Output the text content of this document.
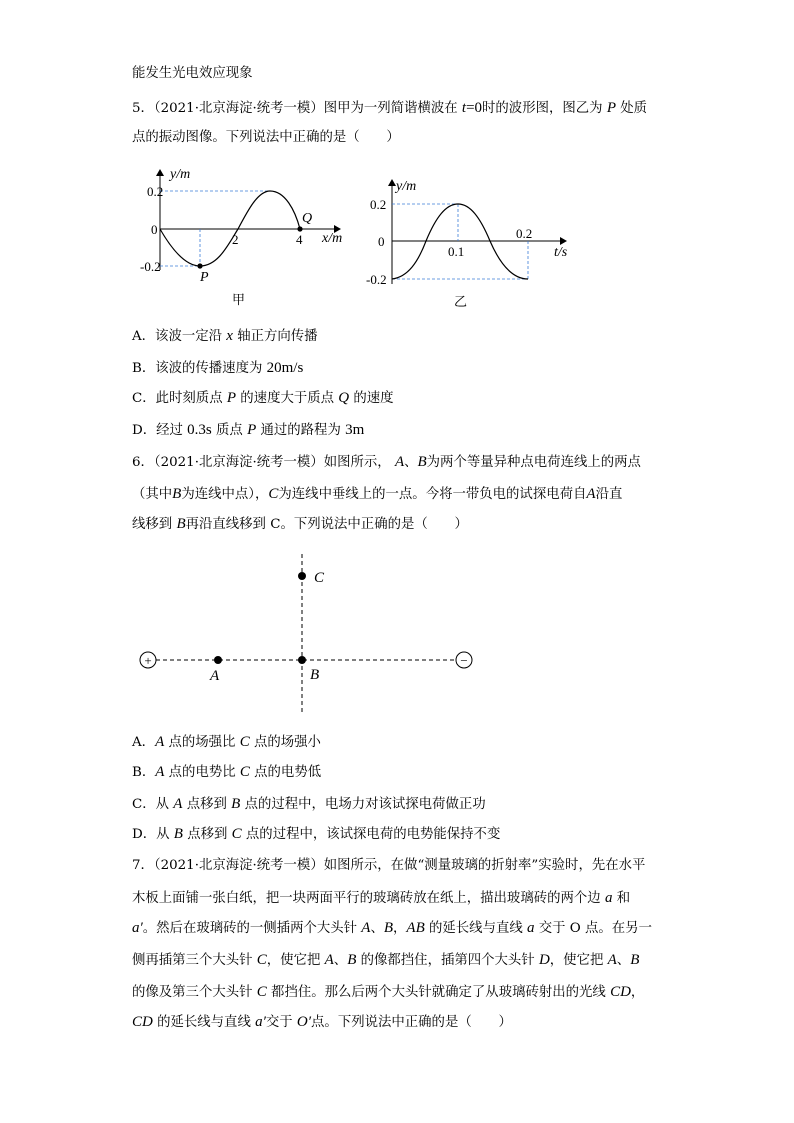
能发生光电效应现象
5．（2021·北京海淀·统考一模）图甲为一列简谐横波在 t=0时的波形图，图乙为 P 处质
点的振动图像。下列说法中正确的是（　　）
y/m
0.2
0
-0.2
2	4 x/m
P
Q
甲
y/m
0.2
0
-0.2
0.1
0.2
t/s
乙
A．该波一定沿 x 轴正方向传播
B．该波的传播速度为 20m/s
C．此时刻质点 P 的速度大于质点 Q 的速度
D．经过 0.3s 质点 P 通过的路程为 3m
6．（2021·北京海淀·统考一模）如图所示， A、B为两个等量异种点电荷连线上的两点
（其中B为连线中点），C为连线中垂线上的一点。今将一带负电的试探电荷自A沿直
线移到 B再沿直线移到 C。下列说法中正确的是（　　）
+	−
A	B
C
A．A 点的场强比 C 点的场强小
B．A 点的电势比 C 点的电势低
C．从 A 点移到 B 点的过程中，电场力对该试探电荷做正功
D．从 B 点移到 C 点的过程中，该试探电荷的电势能保持不变
7．（2021·北京海淀·统考一模）如图所示，在做“测量玻璃的折射率”实验时，先在水平
木板上面铺一张白纸，把一块两面平行的玻璃砖放在纸上，描出玻璃砖的两个边 a 和
a′。然后在玻璃砖的一侧插两个大头针 A、B，AB 的延长线与直线 a 交于 O 点。在另一
侧再插第三个大头针 C，使它把 A、B 的像都挡住，插第四个大头针 D，使它把 A、B
的像及第三个大头针 C 都挡住。那么后两个大头针就确定了从玻璃砖射出的光线 CD，
CD 的延长线与直线 a′交于 O′点。下列说法中正确的是（　　）
